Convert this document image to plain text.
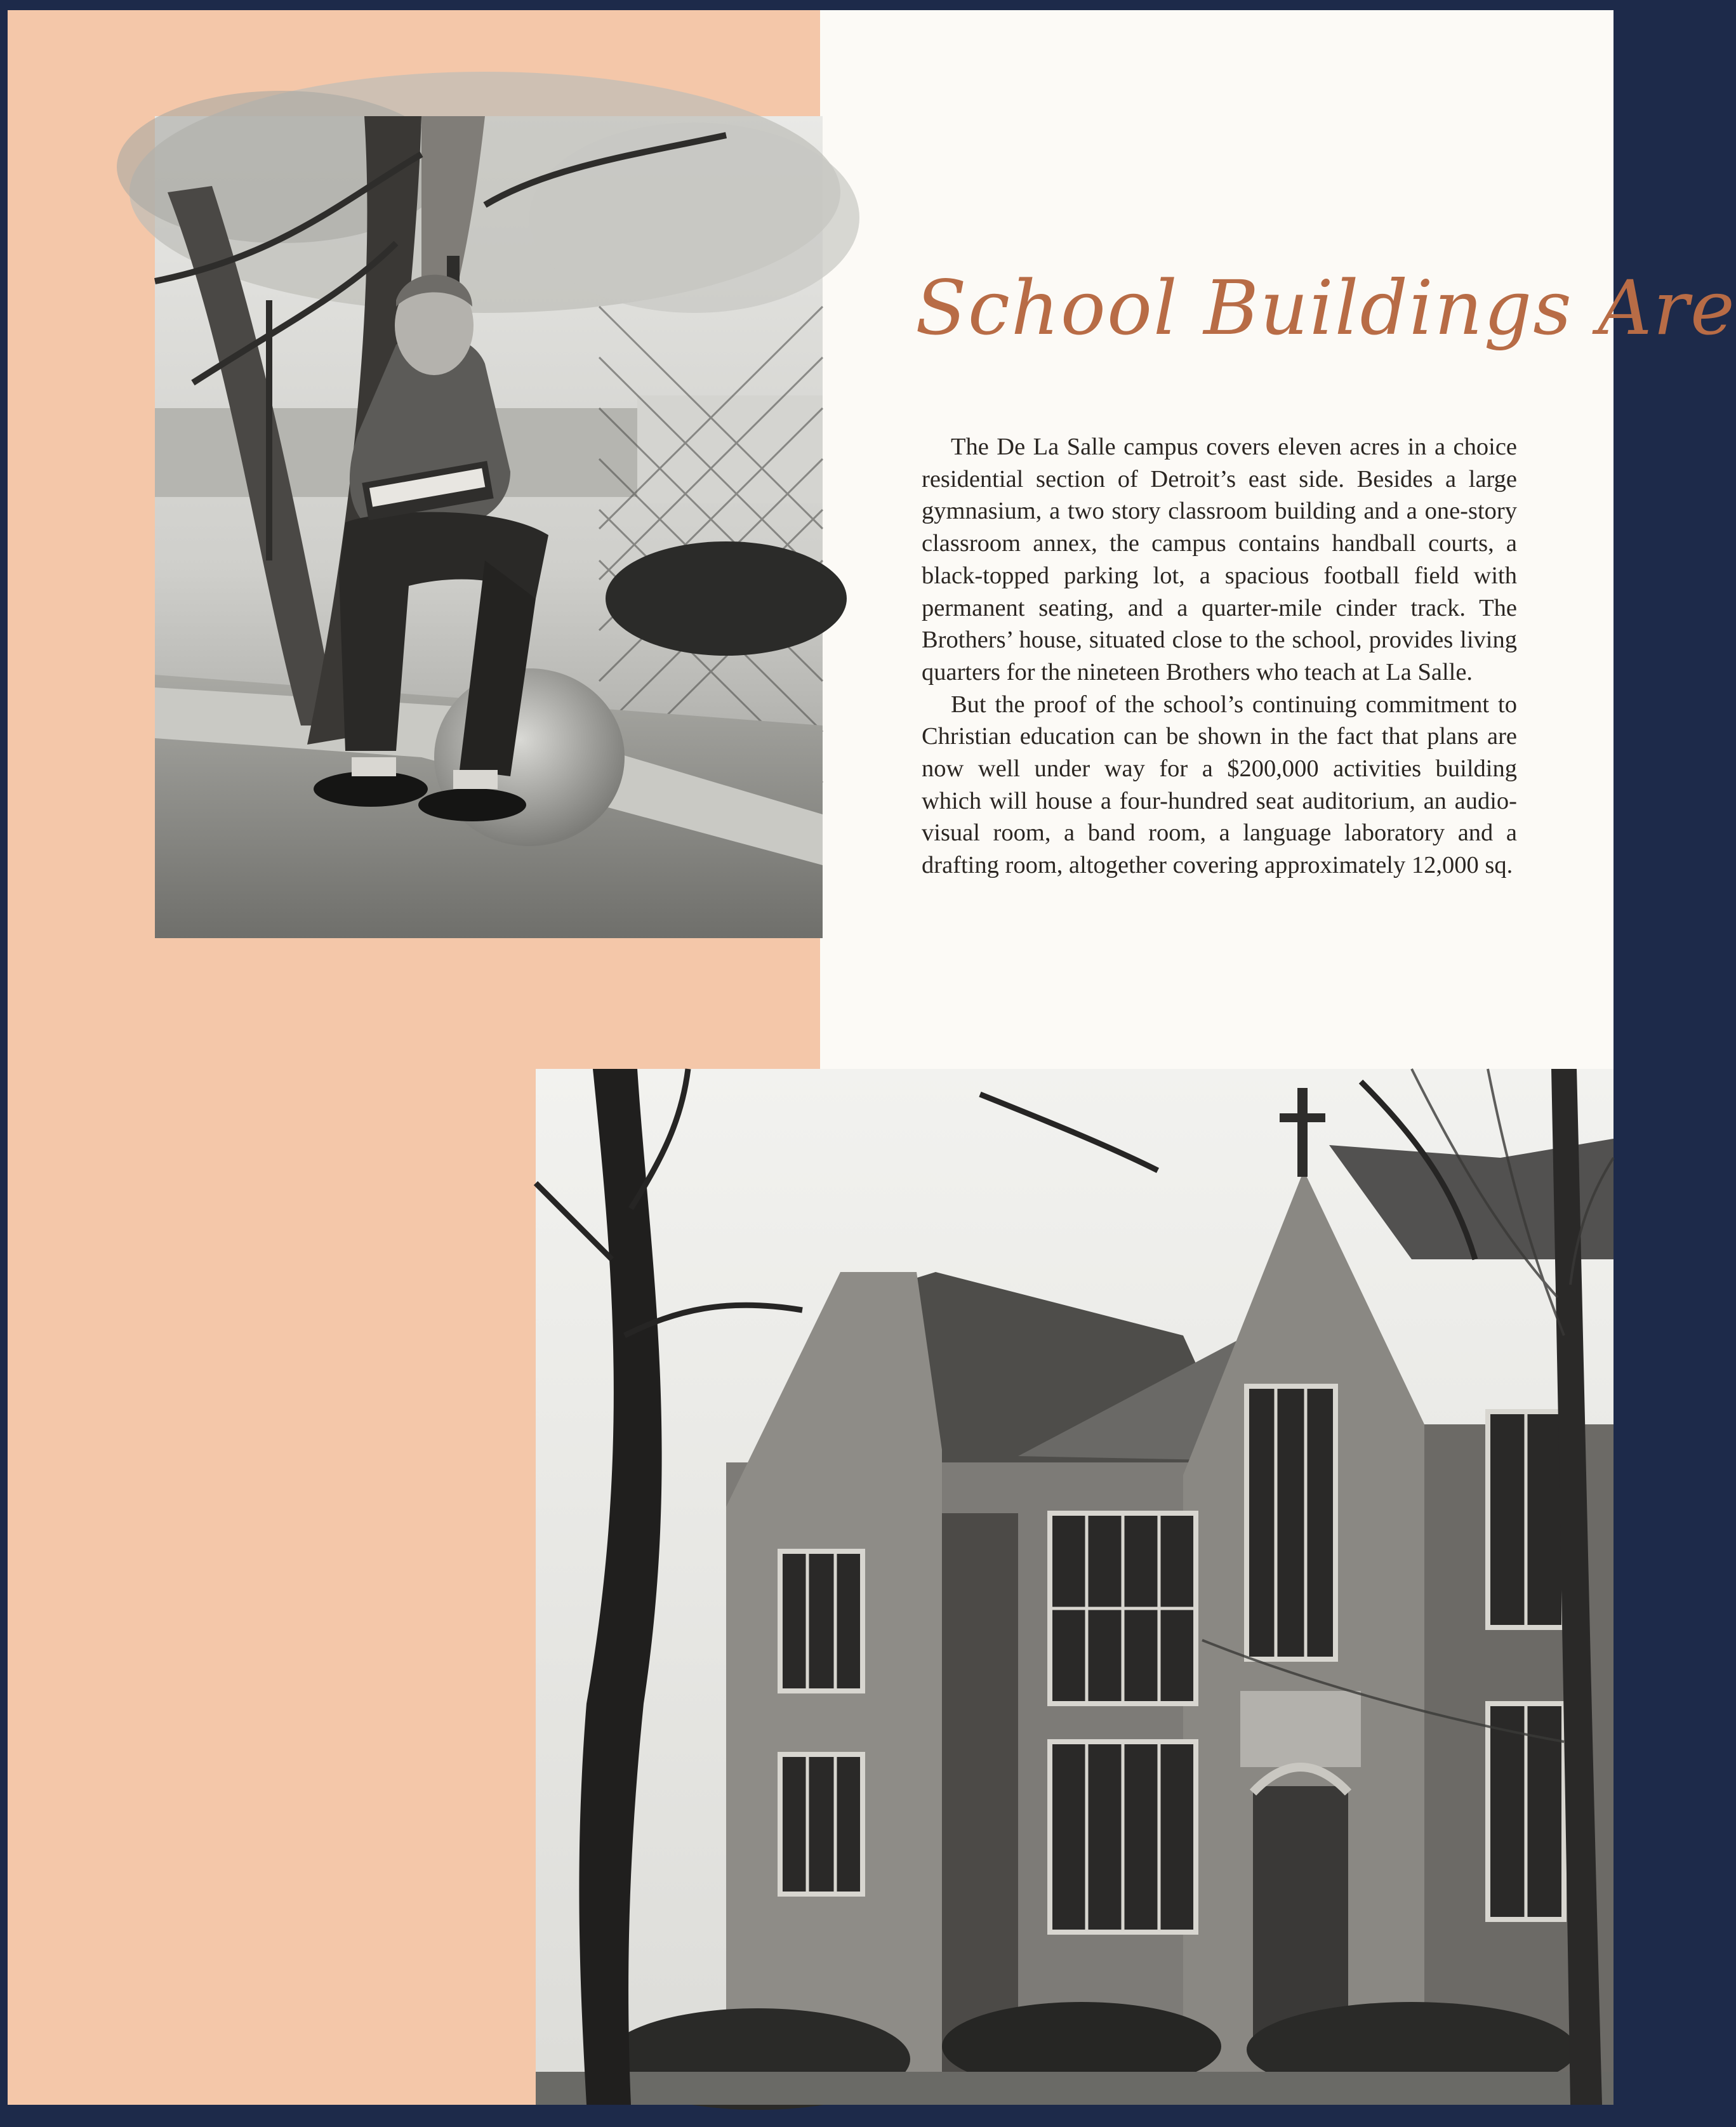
School Buildings Are

The De La Salle campus covers eleven acres in a choice residential section of Detroit’s east side. Besides a large gymnasium, a two story classroom building and a one-story classroom annex, the campus contains handball courts, a black-topped parking lot, a spacious football field with permanent seating, and a quarter-mile cinder track. The Brothers’ house, situated close to the school, provides living quarters for the nineteen Brothers who teach at La Salle.

But the proof of the school’s continuing commitment to Christian education can be shown in the fact that plans are now well under way for a $200,000 activities building which will house a four-hundred seat auditorium, an audio-visual room, a band room, a language laboratory and a drafting room, altogether covering approximately 12,000 sq.
